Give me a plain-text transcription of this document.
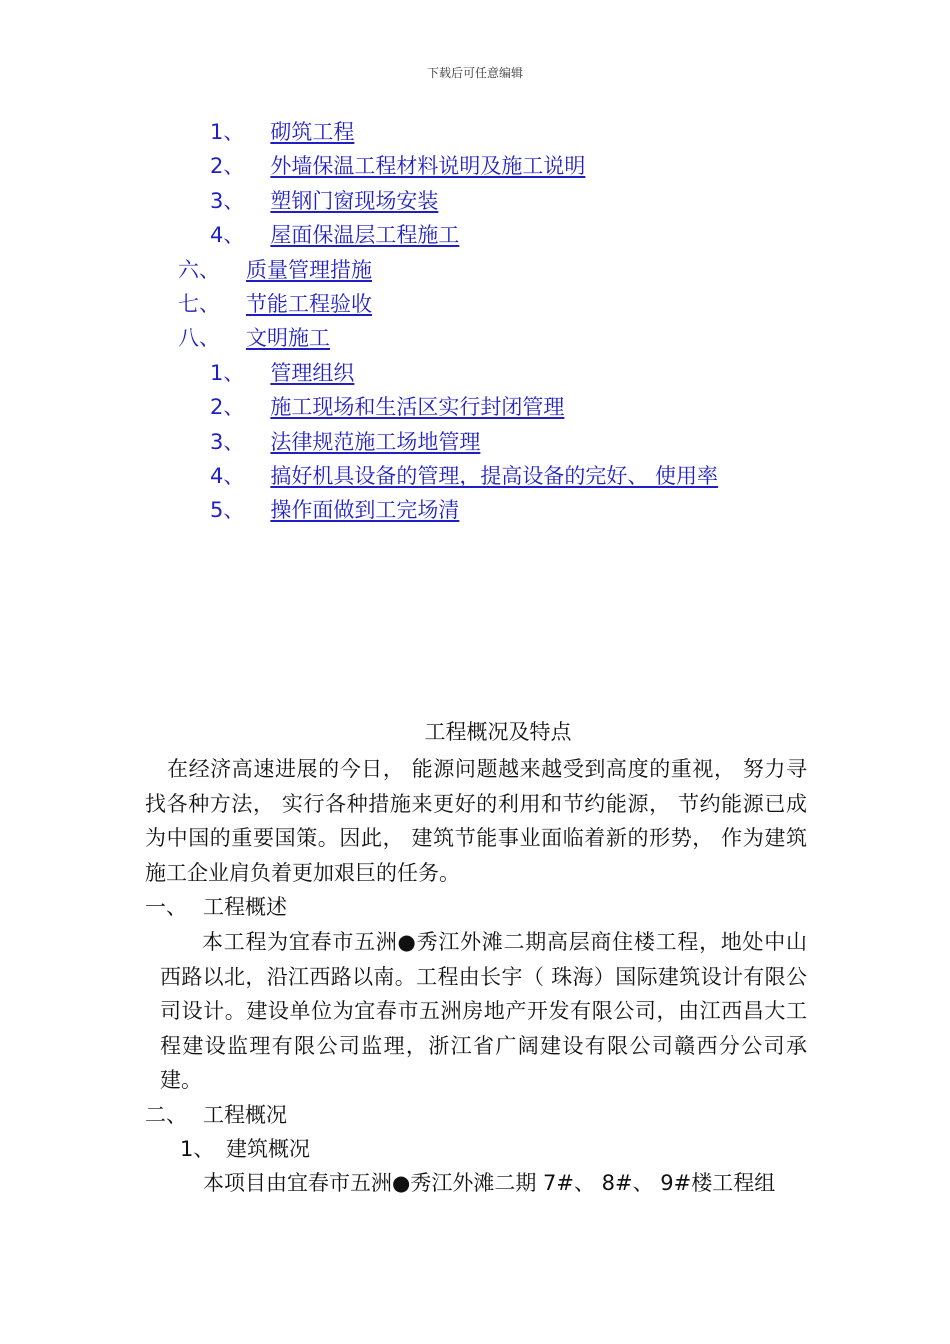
下载后可任意编辑
1、 砌筑工程
2、 外墙保温工程材料说明及施工说明
3、 塑钢门窗现场安装
4、 屋面保温层工程施工
六、 质量管理措施
七、 节能工程验收
八、 文明施工
1、 管理组织
2、 施工现场和生活区实行封闭管理
3、 法律规范施工场地管理
4、 搞好机具设备的管理，提高设备的完好、 使用率
5、 操作面做到工完场清
工程概况及特点
在经济高速进展的今日， 能源问题越来越受到高度的重视， 努力寻找各种方法， 实行各种措施来更好的利用和节约能源， 节约能源已成为中国的重要国策。因此， 建筑节能事业面临着新的形势， 作为建筑施工企业肩负着更加艰巨的任务。
一、 工程概述
本工程为宜春市五洲●秀江外滩二期高层商住楼工程，地处中山西路以北，沿江西路以南。工程由长宇（ 珠海）国际建筑设计有限公司设计。建设单位为宜春市五洲房地产开发有限公司，由江西昌大工程建设监理有限公司监理，浙江省广阔建设有限公司赣西分公司承建。
二、 工程概况
1、 建筑概况
本项目由宜春市五洲●秀江外滩二期 7#、 8#、 9#楼工程组
